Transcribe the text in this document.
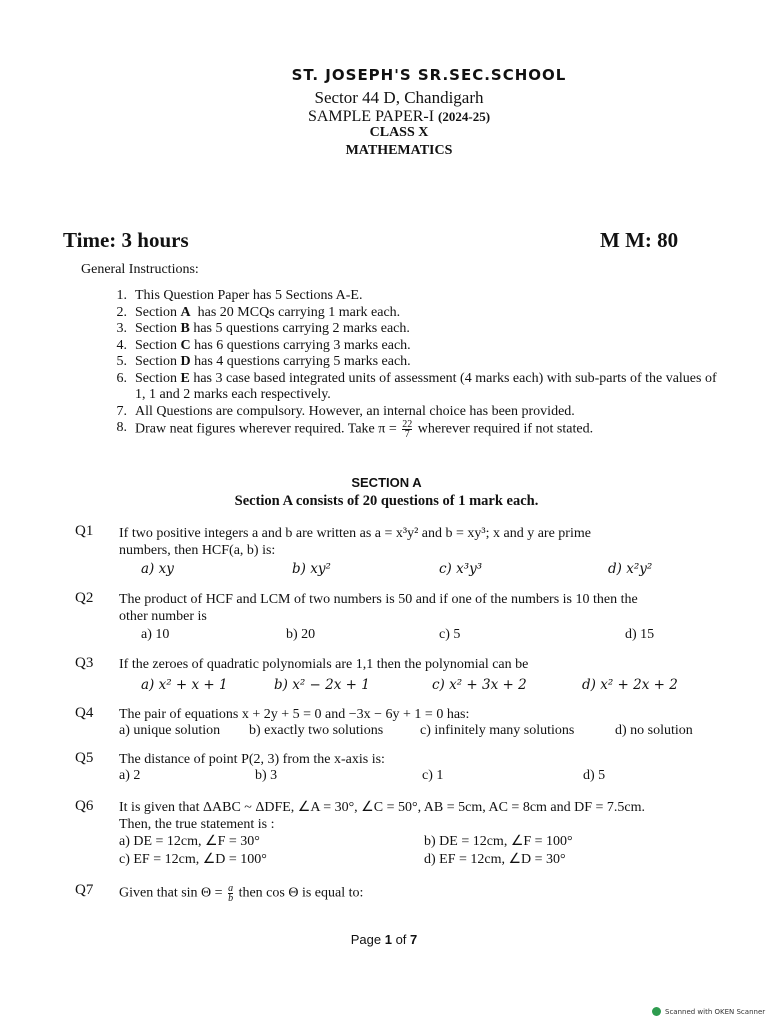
ST. JOSEPH'S SR.SEC.SCHOOL
Sector 44 D, Chandigarh
SAMPLE PAPER-I (2024-25)
CLASS X
MATHEMATICS
Time: 3 hours	M M: 80
General Instructions:
1. This Question Paper has 5 Sections A-E.
2. Section A  has 20 MCQs carrying 1 mark each.
3. Section B has 5 questions carrying 2 marks each.
4. Section C has 6 questions carrying 3 marks each.
5. Section D has 4 questions carrying 5 marks each.
6. Section E has 3 case based integrated units of assessment (4 marks each) with sub-parts of the values of 1, 1 and 2 marks each respectively.
7. All Questions are compulsory. However, an internal choice has been provided.
8. Draw neat figures wherever required. Take $\pi = \frac{22}{7}$ wherever required if not stated.
SECTION A
Section A consists of 20 questions of 1 mark each.
Q1 If two positive integers a and b are written as a = x³y² and b = xy³; x and y are prime
numbers, then HCF(a, b) is:
a) xy	b) xy²	c) x³y³	d) x²y²
Q2 The product of HCF and LCM of two numbers is 50 and if one of the numbers is 10 then the
other number is
a) 10	b) 20	c) 5	d) 15
Q3 If the zeroes of quadratic polynomials are 1,1 then the polynomial can be
a) x² + x + 1	b) x² − 2x + 1	c) x² + 3x + 2	d) x² + 2x + 2
Q4 The pair of equations x + 2y + 5 = 0 and −3x − 6y + 1 = 0 has:
a) unique solution b) exactly two solutions	c) infinitely many solutions	d) no solution
Q5 The distance of point P(2, 3) from the x-axis is:
a) 2	b) 3	c) 1	d) 5
Q6 It is given that ΔABC ~ ΔDFE, ∠A = 30°, ∠C = 50°, AB = 5cm, AC = 8cm and DF = 7.5cm.
Then, the true statement is :
a) DE = 12cm, ∠F = 30°	b) DE = 12cm, ∠F = 100°
c) EF = 12cm, ∠D = 100°	d) EF = 12cm, ∠D = 30°
Q7 Given that $\sin \Theta = \frac{a}{b}$ then cos Θ is equal to:
Page 1 of 7
Scanned with OKEN Scanner
